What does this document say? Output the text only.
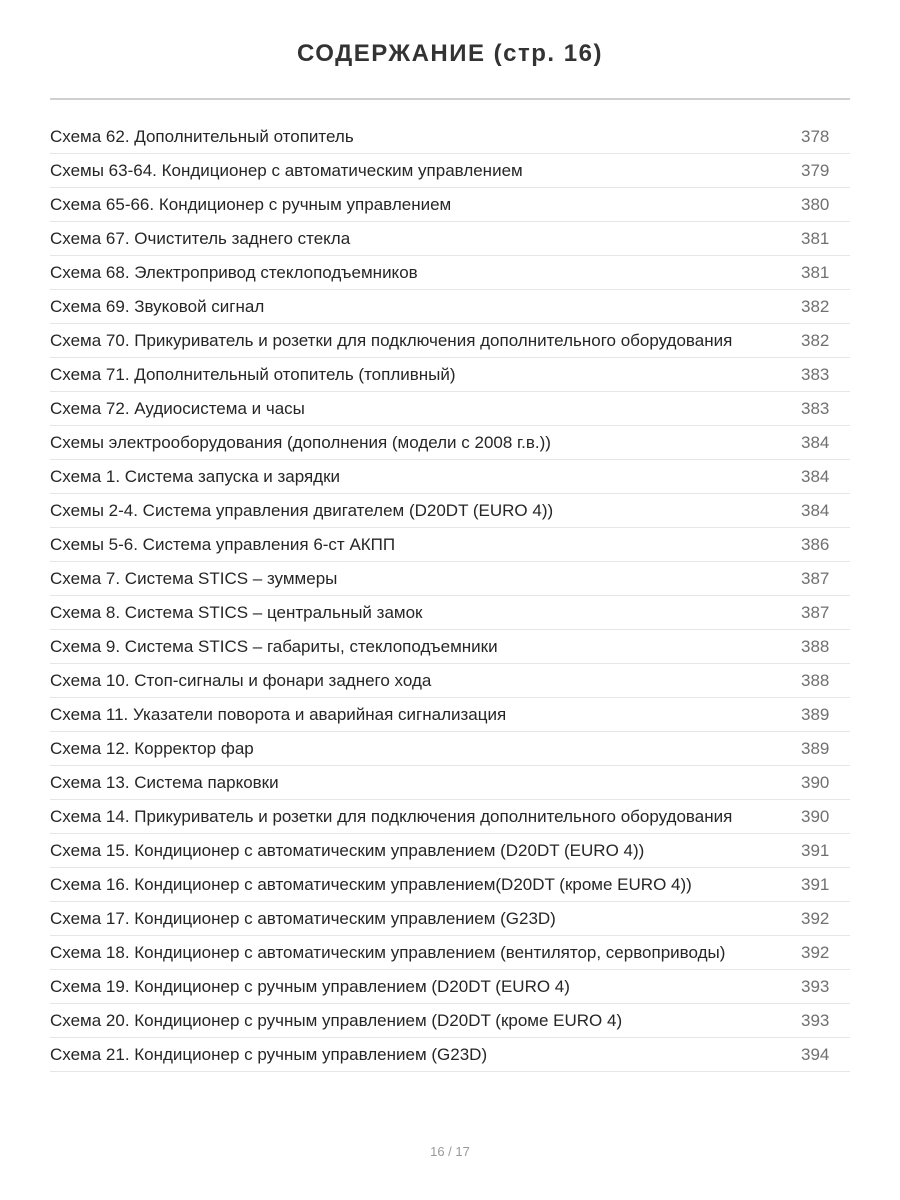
СОДЕРЖАНИЕ (стр. 16)
Схема 62. Дополнительный отопитель	378
Схемы 63-64. Кондиционер с автоматическим управлением	379
Схема 65-66. Кондиционер с ручным управлением	380
Схема 67. Очиститель заднего стекла	381
Схема 68. Электропривод стеклоподъемников	381
Схема 69. Звуковой сигнал	382
Схема 70. Прикуриватель и розетки для подключения дополнительного оборудования	382
Схема 71. Дополнительный отопитель (топливный)	383
Схема 72. Аудиосистема и часы	383
Схемы электрооборудования (дополнения (модели с 2008 г.в.))	384
Схема 1. Система запуска и зарядки	384
Схемы 2-4. Система управления двигателем (D20DT (EURO 4))	384
Схемы 5-6. Система управления 6-ст АКПП	386
Схема 7. Система STICS – зуммеры	387
Схема 8. Система STICS – центральный замок	387
Схема 9. Система STICS – габариты, стеклоподъемники	388
Схема 10. Стоп-сигналы и фонари заднего хода	388
Схема 11. Указатели поворота и аварийная сигнализация	389
Схема 12. Корректор фар	389
Схема 13. Система парковки	390
Схема 14. Прикуриватель и розетки для подключения дополнительного оборудования	390
Схема 15. Кондиционер с автоматическим управлением (D20DT (EURO 4))	391
Схема 16. Кондиционер с автоматическим управлением(D20DT (кроме EURO 4))	391
Схема 17. Кондиционер с автоматическим управлением (G23D)	392
Схема 18. Кондиционер с автоматическим управлением (вентилятор, сервоприводы)	392
Схема 19. Кондиционер с ручным управлением (D20DT (EURO 4)	393
Схема 20. Кондиционер с ручным управлением (D20DT (кроме EURO 4)	393
Схема 21. Кондиционер с ручным управлением (G23D)	394
16 / 17
